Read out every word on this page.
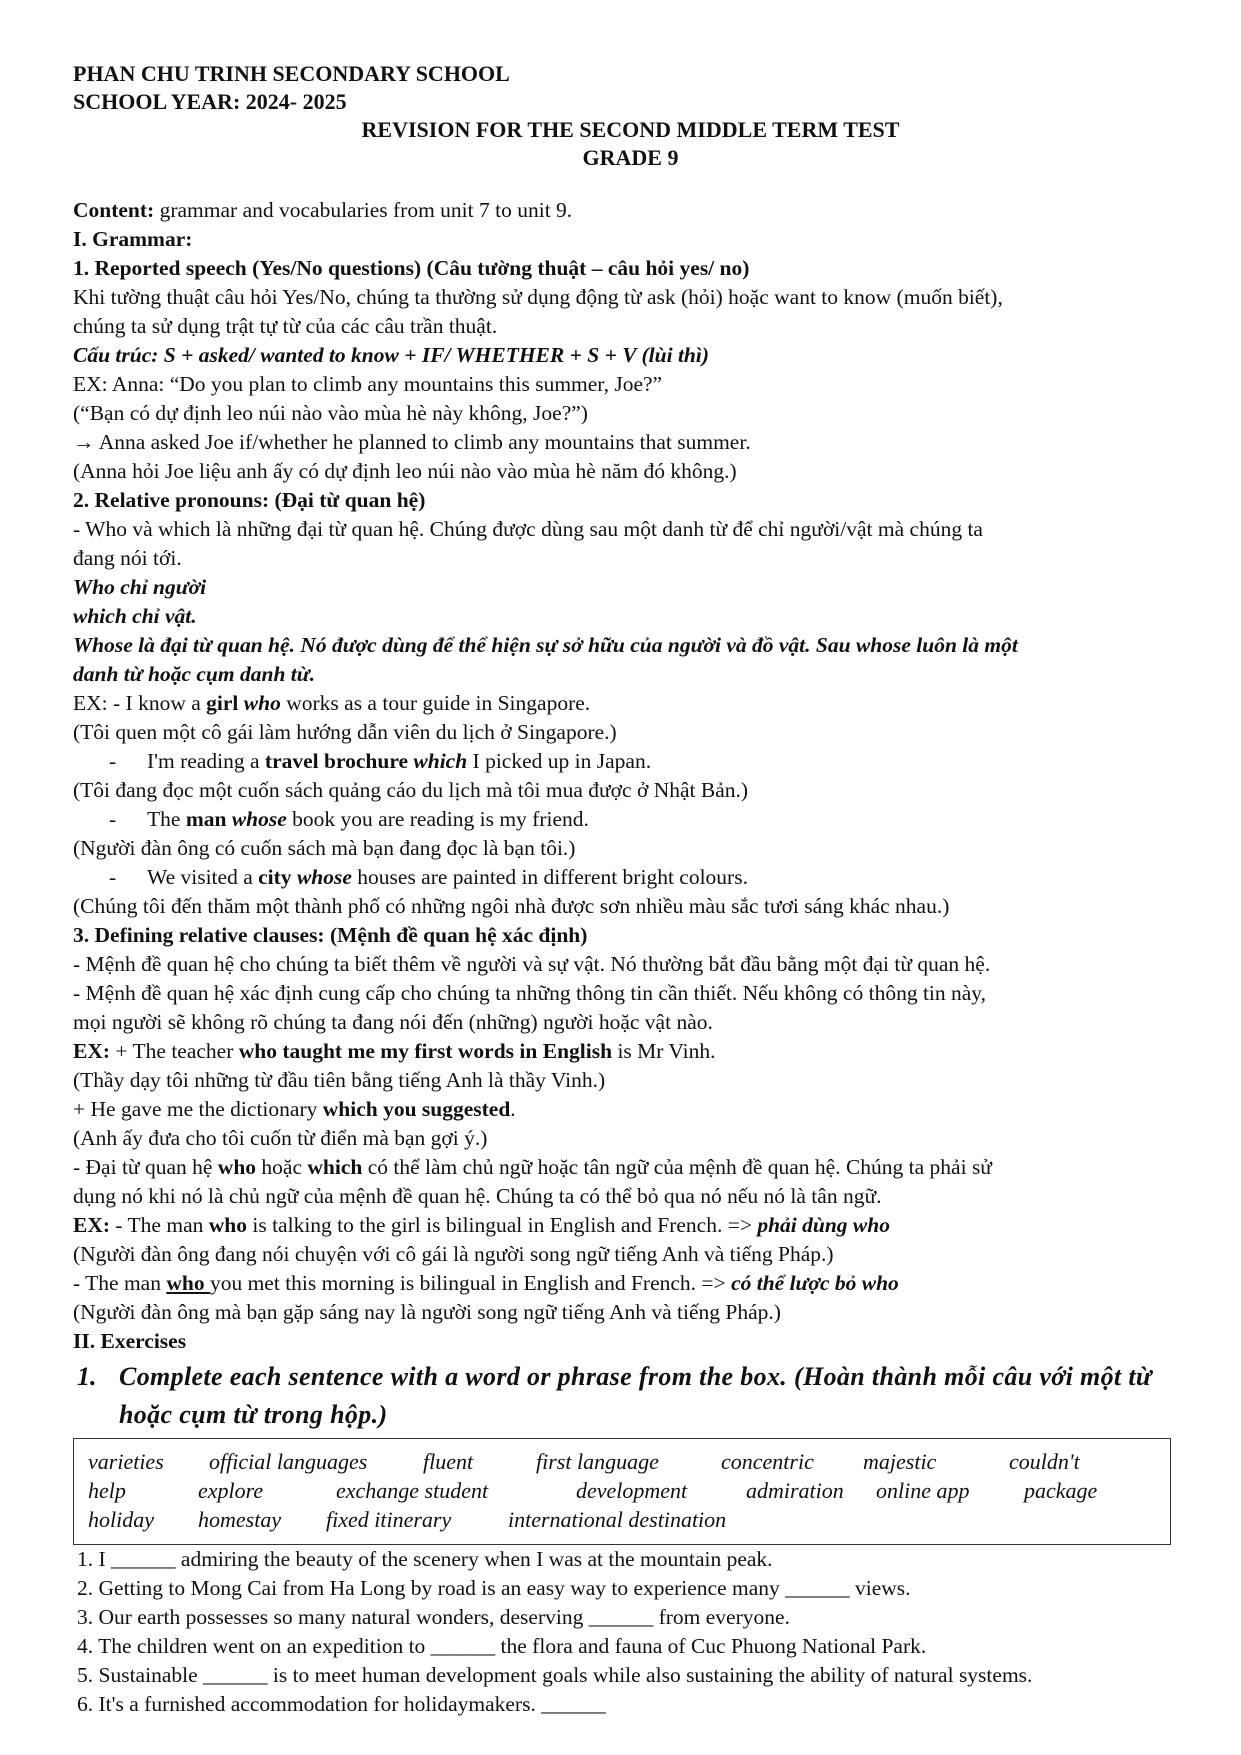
PHAN CHU TRINH SECONDARY SCHOOL
SCHOOL YEAR: 2024- 2025
REVISION FOR THE SECOND MIDDLE TERM TEST
GRADE 9
Content: grammar and vocabularies from unit 7 to unit 9.
I. Grammar:
1. Reported speech (Yes/No questions) (Câu tường thuật – câu hỏi yes/ no)
Khi tường thuật câu hỏi Yes/No, chúng ta thường sử dụng động từ ask (hỏi) hoặc want to know (muốn biết),
chúng ta sử dụng trật tự từ của các câu trần thuật.
Cấu trúc: S + asked/ wanted to know + IF/ WHETHER + S + V (lùi thì)
EX: Anna: “Do you plan to climb any mountains this summer, Joe?”
(“Bạn có dự định leo núi nào vào mùa hè này không, Joe?”)
→ Anna asked Joe if/whether he planned to climb any mountains that summer.
(Anna hỏi Joe liệu anh ấy có dự định leo núi nào vào mùa hè năm đó không.)
2. Relative pronouns: (Đại từ quan hệ)
- Who và which là những đại từ quan hệ. Chúng được dùng sau một danh từ để chỉ người/vật mà chúng ta
đang nói tới.
Who chỉ người
which chỉ vật.
Whose là đại từ quan hệ. Nó được dùng để thể hiện sự sở hữu của người và đồ vật. Sau whose luôn là một
danh từ hoặc cụm danh từ.
EX: - I know a girl who works as a tour guide in Singapore.
(Tôi quen một cô gái làm hướng dẫn viên du lịch ở Singapore.)
- I'm reading a travel brochure which I picked up in Japan.
(Tôi đang đọc một cuốn sách quảng cáo du lịch mà tôi mua được ở Nhật Bản.)
- The man whose book you are reading is my friend.
(Người đàn ông có cuốn sách mà bạn đang đọc là bạn tôi.)
- We visited a city whose houses are painted in different bright colours.
(Chúng tôi đến thăm một thành phố có những ngôi nhà được sơn nhiều màu sắc tươi sáng khác nhau.)
3. Defining relative clauses: (Mệnh đề quan hệ xác định)
- Mệnh đề quan hệ cho chúng ta biết thêm về người và sự vật. Nó thường bắt đầu bằng một đại từ quan hệ.
- Mệnh đề quan hệ xác định cung cấp cho chúng ta những thông tin cần thiết. Nếu không có thông tin này,
mọi người sẽ không rõ chúng ta đang nói đến (những) người hoặc vật nào.
EX: + The teacher who taught me my first words in English is Mr Vinh.
(Thầy dạy tôi những từ đầu tiên bằng tiếng Anh là thầy Vinh.)
+ He gave me the dictionary which you suggested.
(Anh ấy đưa cho tôi cuốn từ điển mà bạn gợi ý.)
- Đại từ quan hệ who hoặc which có thể làm chủ ngữ hoặc tân ngữ của mệnh đề quan hệ. Chúng ta phải sử
dụng nó khi nó là chủ ngữ của mệnh đề quan hệ. Chúng ta có thể bỏ qua nó nếu nó là tân ngữ.
EX: - The man who is talking to the girl is bilingual in English and French. => phải dùng who
(Người đàn ông đang nói chuyện với cô gái là người song ngữ tiếng Anh và tiếng Pháp.)
- The man who you met this morning is bilingual in English and French. => có thể lược bỏ who
(Người đàn ông mà bạn gặp sáng nay là người song ngữ tiếng Anh và tiếng Pháp.)
II. Exercises
1. Complete each sentence with a word or phrase from the box. (Hoàn thành mỗi câu với một từ hoặc cụm từ trong hộp.)
varieties	official languages	fluent	first language	concentric	majestic	couldn't
help	explore	exchange student	development	admiration	online app	package
holiday	homestay	fixed itinerary	international destination
1. I ______ admiring the beauty of the scenery when I was at the mountain peak.
2. Getting to Mong Cai from Ha Long by road is an easy way to experience many ______ views.
3. Our earth possesses so many natural wonders, deserving ______ from everyone.
4. The children went on an expedition to ______ the flora and fauna of Cuc Phuong National Park.
5. Sustainable ______ is to meet human development goals while also sustaining the ability of natural systems.
6. It's a furnished accommodation for holidaymakers. ______
